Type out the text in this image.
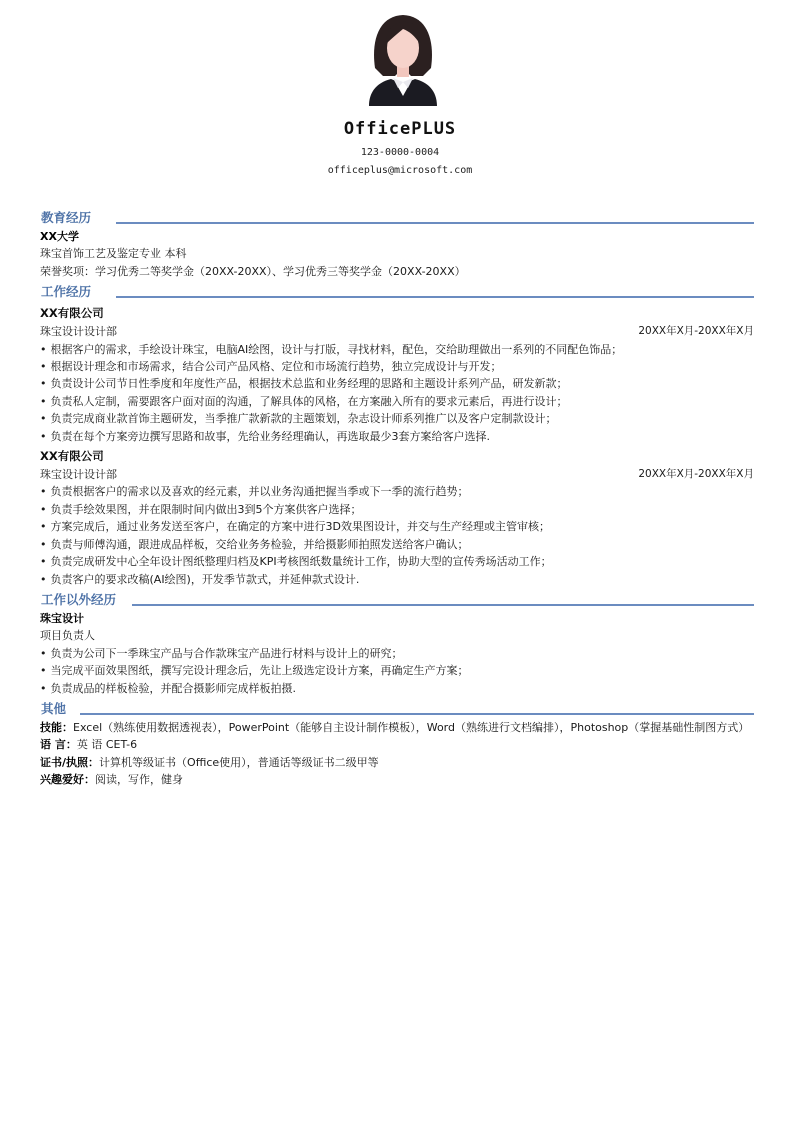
OfficePLUS
123-0000-0004
officeplus@microsoft.com
教育经历
XX大学
珠宝首饰工艺及鉴定专业 本科
荣誉奖项：学习优秀二等奖学金（20XX-20XX）、学习优秀三等奖学金（20XX-20XX）
工作经历
XX有限公司
珠宝设计设计部	20XX年X月-20XX年X月
• 根据客户的需求，手绘设计珠宝，电脑AI绘图，设计与打版，寻找材料，配色，交给助理做出一系列的不同配色饰品；
• 根据设计理念和市场需求，结合公司产品风格、定位和市场流行趋势，独立完成设计与开发；
• 负责设计公司节日性季度和年度性产品，根据技术总监和业务经理的思路和主题设计系列产品，研发新款；
• 负责私人定制，需要跟客户面对面的沟通，了解具体的风格，在方案融入所有的要求元素后，再进行设计；
• 负责完成商业款首饰主题研发，当季推广款新款的主题策划，杂志设计师系列推广以及客户定制款设计；
• 负责在每个方案旁边撰写思路和故事，先给业务经理确认，再选取最少3套方案给客户选择.
XX有限公司
珠宝设计设计部	20XX年X月-20XX年X月
• 负责根据客户的需求以及喜欢的经元素，并以业务沟通把握当季或下一季的流行趋势；
• 负责手绘效果图，并在限制时间内做出3到5个方案供客户选择；
• 方案完成后，通过业务发送至客户，在确定的方案中进行3D效果图设计，并交与生产经理或主管审核；
• 负责与师傅沟通，跟进成品样板，交给业务务检验，并给摄影师拍照发送给客户确认；
• 负责完成研发中心全年设计图纸整理归档及KPI考核图纸数量统计工作，协助大型的宣传秀场活动工作；
• 负责客户的要求改稿(AI绘图)，开发季节款式，并延伸款式设计.
工作以外经历
珠宝设计
项目负责人
• 负责为公司下一季珠宝产品与合作款珠宝产品进行材料与设计上的研究；
• 当完成平面效果图纸，撰写完设计理念后，先让上级选定设计方案，再确定生产方案；
• 负责成品的样板检验，并配合摄影师完成样板拍摄.
其他
技能：Excel（熟练使用数据透视表），PowerPoint（能够自主设计制作模板），Word（熟练进行文档编排），Photoshop（掌握基础性制图方式）
语 言：英 语 CET-6
证书/执照：计算机等级证书（Office使用），普通话等级证书二级甲等
兴趣爱好：阅读，写作，健身
